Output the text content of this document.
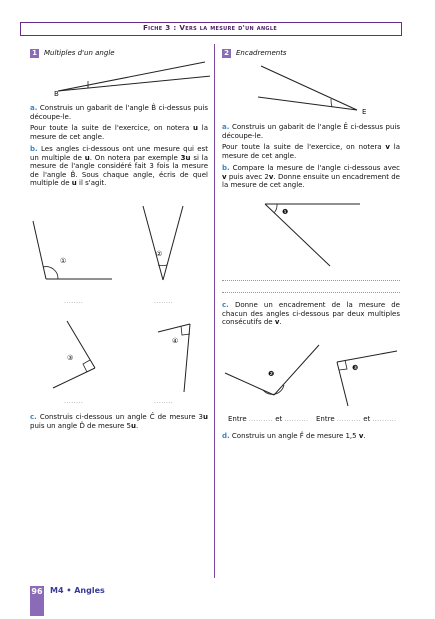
Fiche 3 : Vers la mesure d'un angle
1 Multiples d'un angle
B
a. Construis un gabarit de l'angle B̂ ci-dessus puis découpe-le.
Pour toute la suite de l'exercice, on notera u la mesure de cet angle.
b. Les angles ci-dessous ont une mesure qui est un multiple de u. On notera par exemple 3u si la mesure de l'angle considéré fait 3 fois la mesure de l'angle B̂. Sous chaque angle, écris de quel multiple de u il s'agit.
①
........
②
........
③
........
④
........
c. Construis ci-dessous un angle Ĉ de mesure 3u puis un angle D̂ de mesure 5u.
2 Encadrements
E
a. Construis un gabarit de l'angle Ê ci-dessus puis découpe-le.
Pour toute la suite de l'exercice, on notera v la mesure de cet angle.
b. Compare la mesure de l'angle ci-dessous avec v puis avec 2v. Donne ensuite un encadrement de la mesure de cet angle.
❶
c. Donne un encadrement de la mesure de chacun des angles ci-dessous par deux multiples consécutifs de v.
❷
❸
Entre .......... et .......... Entre .......... et ..........
d. Construis un angle F̂ de mesure 1,5 v.
96 M4 • Angles
